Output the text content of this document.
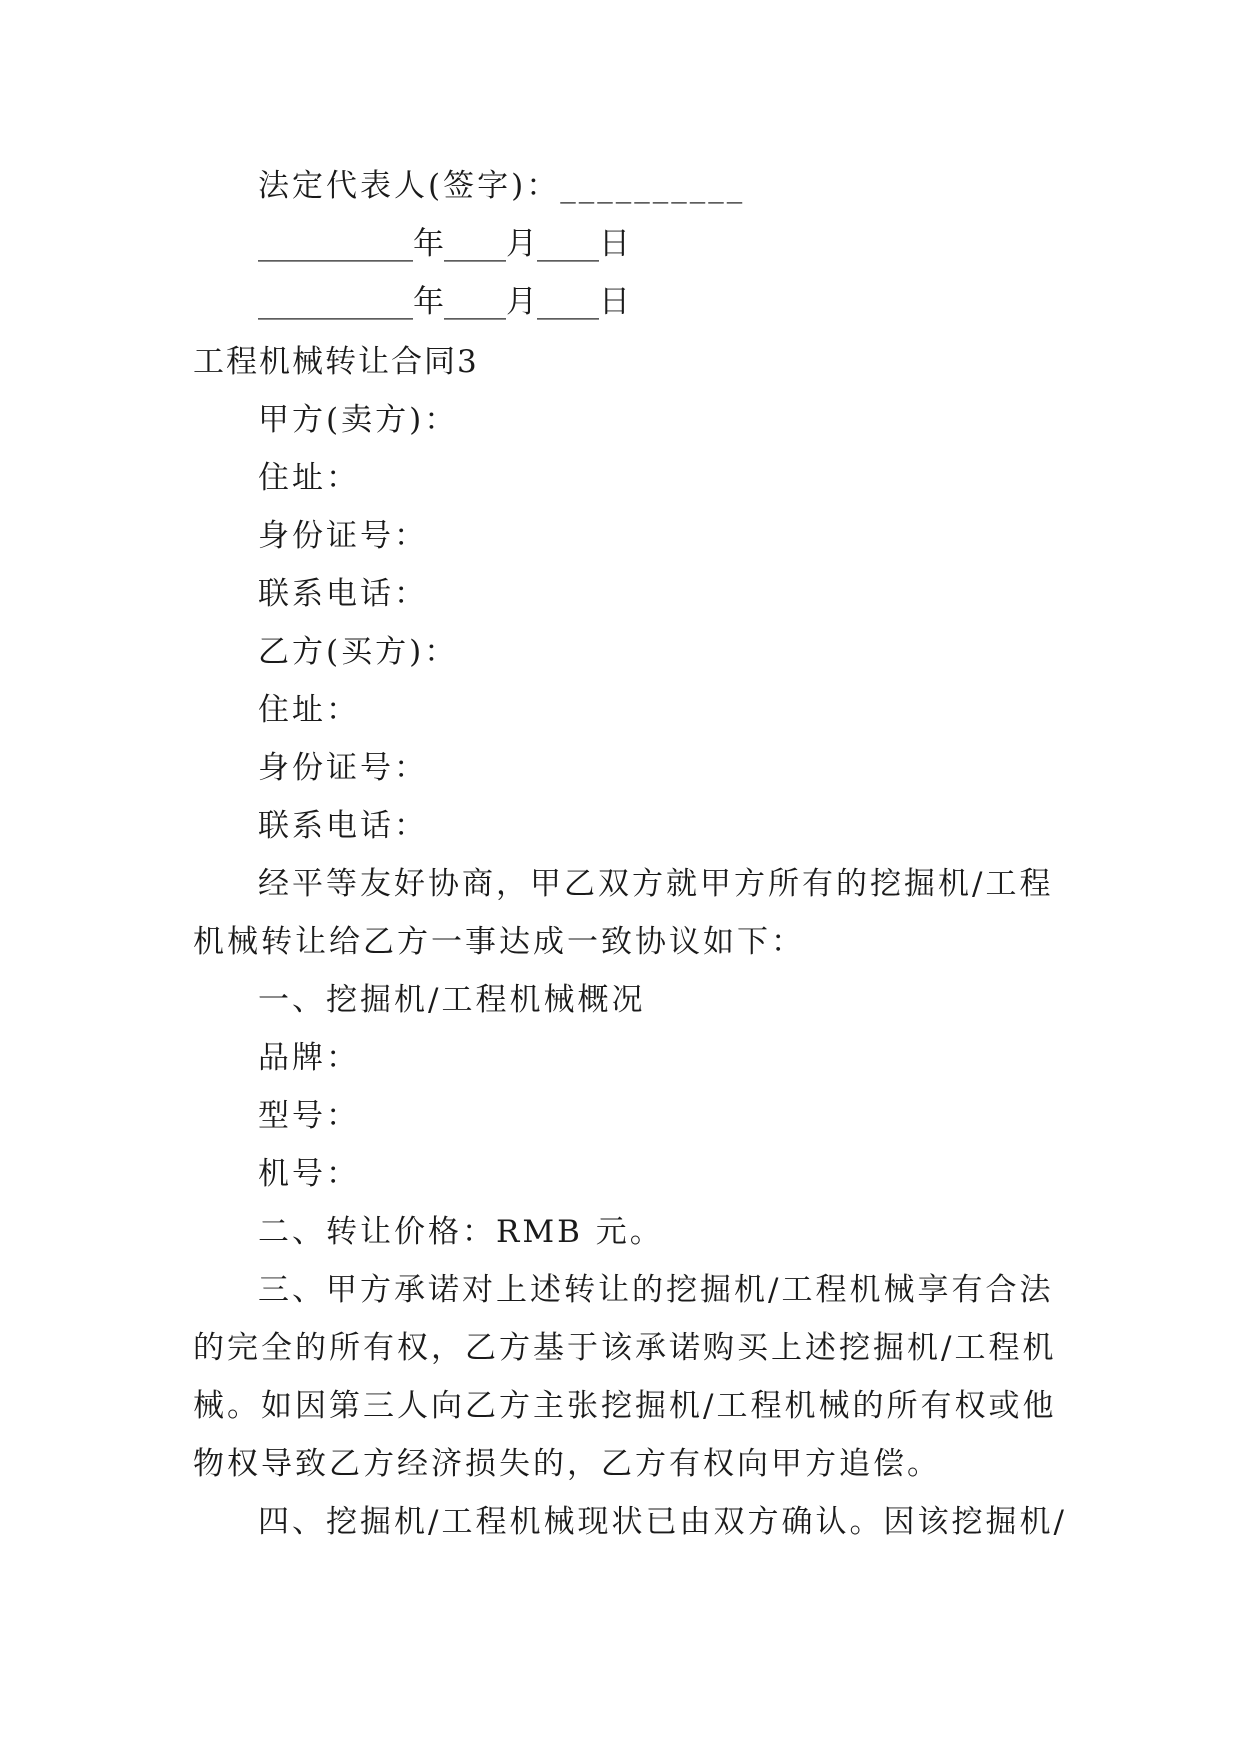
法定代表人(签字)：__________
__________年____月____日
__________年____月____日
工程机械转让合同3
甲方(卖方)：
住址：
身份证号：
联系电话：
乙方(买方)：
住址：
身份证号：
联系电话：
经平等友好协商，甲乙双方就甲方所有的挖掘机/工程
机械转让给乙方一事达成一致协议如下：
一、挖掘机/工程机械概况
品牌：
型号：
机号：
二、转让价格：RMB 元。
三、甲方承诺对上述转让的挖掘机/工程机械享有合法
的完全的所有权，乙方基于该承诺购买上述挖掘机/工程机
械。如因第三人向乙方主张挖掘机/工程机械的所有权或他
物权导致乙方经济损失的，乙方有权向甲方追偿。
四、挖掘机/工程机械现状已由双方确认。因该挖掘机/
